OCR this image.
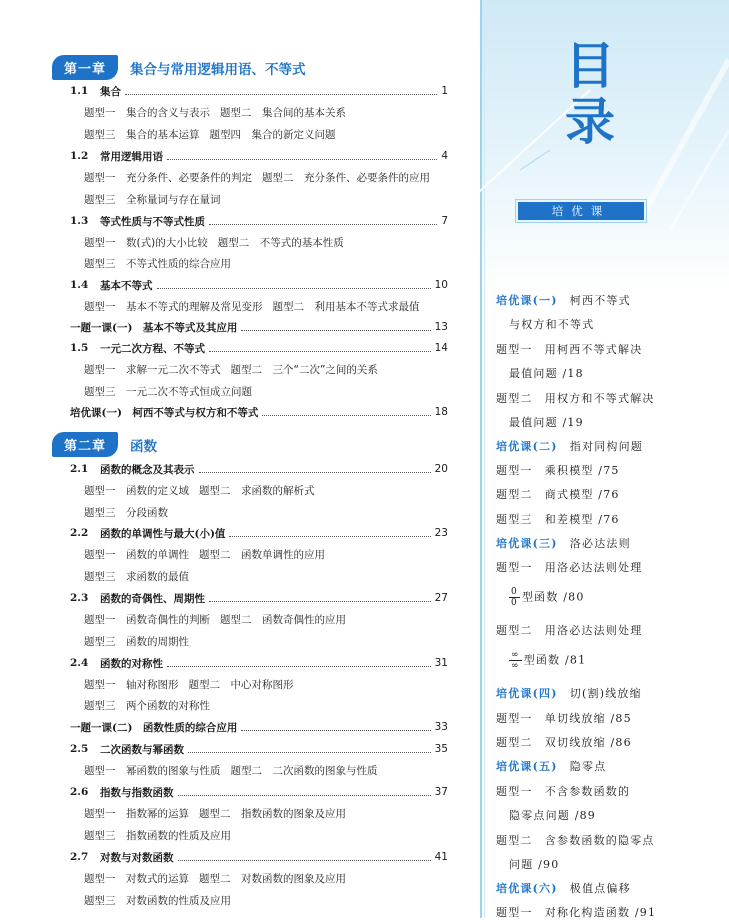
第一章	集合与常用逻辑用语、不等式
1.1	集合	1
题型一　集合的含义与表示 题型二　集合间的基本关系
题型三　集合的基本运算 题型四　集合的新定义问题
1.2	常用逻辑用语	4
题型一　充分条件、必要条件的判定 题型二　充分条件、必要条件的应用
题型三　全称量词与存在量词
1.3	等式性质与不等式性质	7
题型一　数(式)的大小比较 题型二　不等式的基本性质
题型三　不等式性质的综合应用
1.4	基本不等式	10
题型一　基本不等式的理解及常见变形 题型二　利用基本不等式求最值
一题一课(一)　基本不等式及其应用	13
1.5	一元二次方程、不等式	14
题型一　求解一元二次不等式 题型二　三个“二次”之间的关系
题型三　一元二次不等式恒成立问题
培优课(一)　柯西不等式与权方和不等式	18
第二章	函数
2.1	函数的概念及其表示	20
题型一　函数的定义域 题型二　求函数的解析式
题型三　分段函数
2.2	函数的单调性与最大(小)值	23
题型一　函数的单调性 题型二　函数单调性的应用
题型三　求函数的最值
2.3	函数的奇偶性、周期性	27
题型一　函数奇偶性的判断 题型二　函数奇偶性的应用
题型三　函数的周期性
2.4	函数的对称性	31
题型一　轴对称图形 题型二　中心对称图形
题型三　两个函数的对称性
一题一课(二)　函数性质的综合应用	33
2.5	二次函数与幂函数	35
题型一　幂函数的图象与性质 题型二　二次函数的图象与性质
2.6	指数与指数函数	37
题型一　指数幂的运算 题型二　指数函数的图象及应用
题型三　指数函数的性质及应用
2.7	对数与对数函数	41
题型一　对数式的运算 题型二　对数函数的图象及应用
题型三　对数函数的性质及应用
目
录
培优课
培优课(一)　柯西不等式
与权方和不等式
题型一　用柯西不等式解决
最值问题 /18
题型二　用权方和不等式解决
最值问题 /19
培优课(二)　指对同构问题
题型一　乘积模型 /75
题型二　商式模型 /76
题型三　和差模型 /76
培优课(三)　洛必达法则
题型一　用洛必达法则处理
$\frac{0}{0}$ 型函数 /80
题型二　用洛必达法则处理
$\frac{\infty}{\infty}$ 型函数 /81
培优课(四)　切(割)线放缩
题型一　单切线放缩 /85
题型二　双切线放缩 /86
培优课(五)　隐零点
题型一　不含参数函数的
隐零点问题 /89
题型二　含参数函数的隐零点
问题 /90
培优课(六)　极值点偏移
题型一　对称化构造函数 /91
